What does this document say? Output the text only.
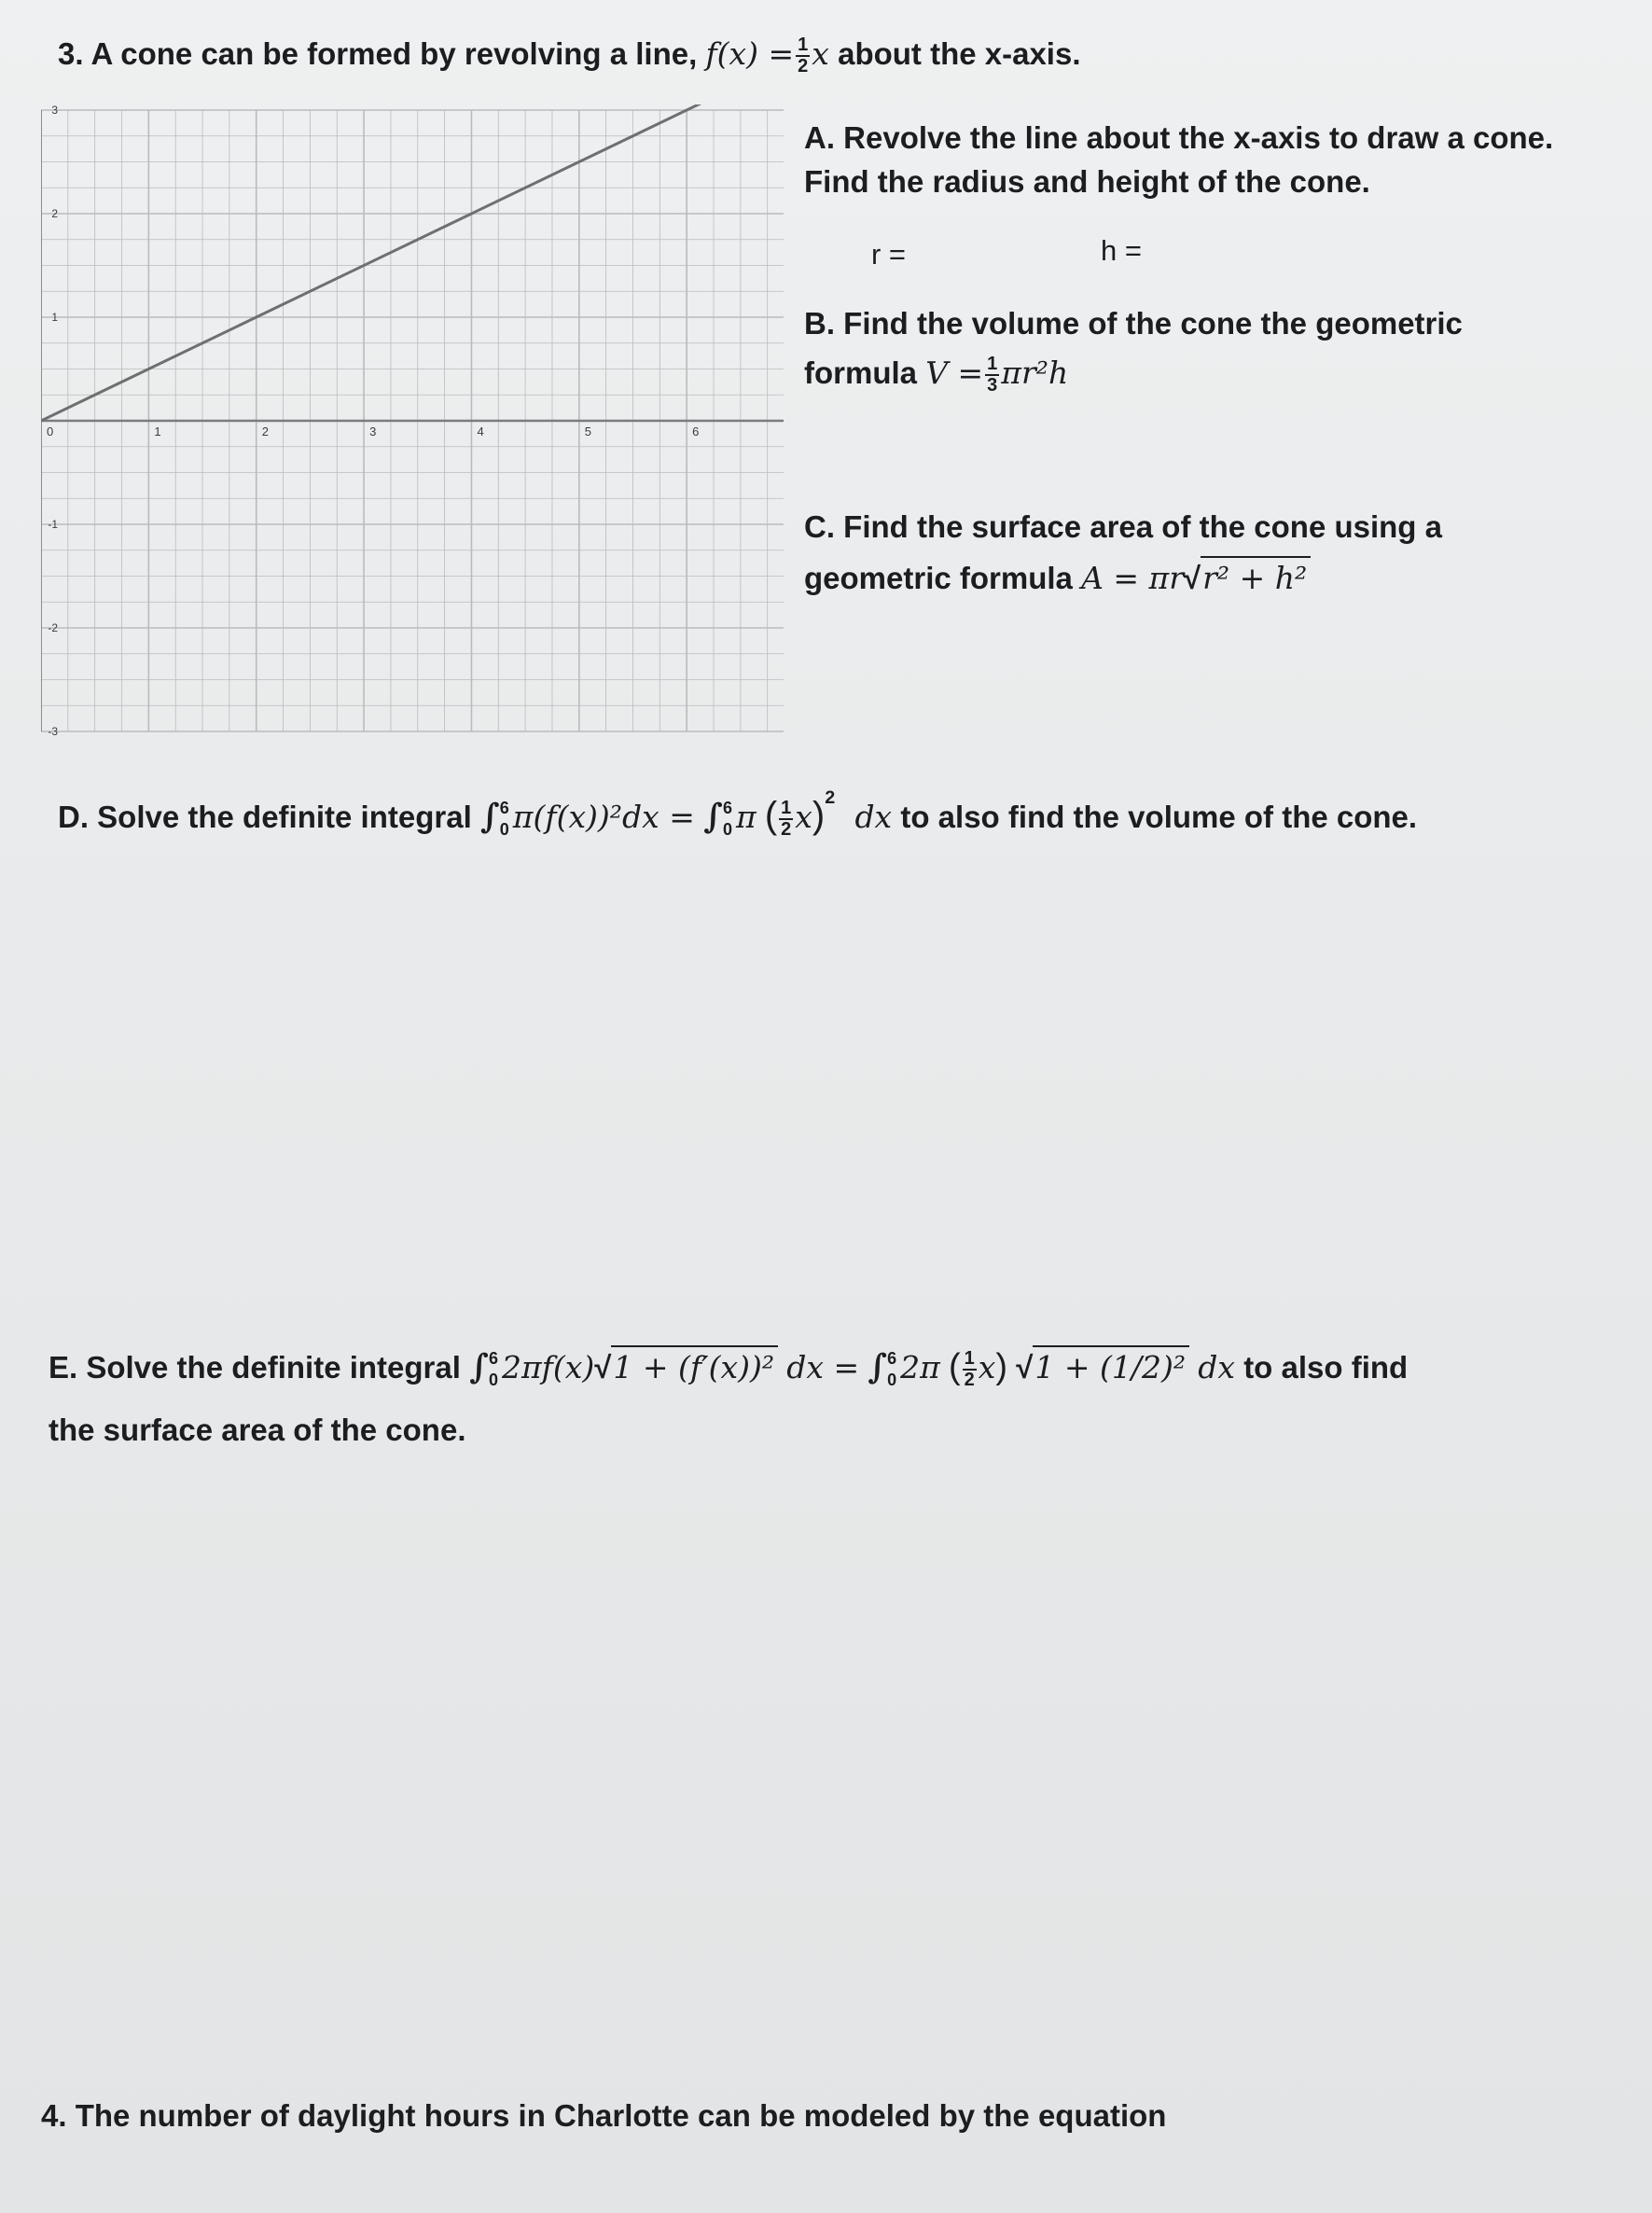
3. A cone can be formed by revolving a line, $f(x) = \frac{1}{2}$ x about the x-axis.
0	1	2	3	4	5	6
3
2
1
-1
-2
-3
A. Revolve the line about the x-axis to draw a cone.
Find the radius and height of the cone.
r =	h =
B. Find the volume of the cone the geometric
formula $V = \frac{1}{3} \pi r^2h$
C. Find the surface area of the cone using a
geometric formula A = πr√r² + h²
D. Solve the definite integral ∫ 6
0 π(f(x))²dx = ∫ 6
0 π ( $\frac{1}{2} x)^2$ dx to also find the volume of the cone.
E. Solve the definite integral ∫ 6
0 2πf(x)√1 + (f′(x))² dx = ∫ 6
0 2π ( $\frac{1}{2} x$) √1 + (1/2)² dx to also find
the surface area of the cone.
4. The number of daylight hours in Charlotte can be modeled by the equation
